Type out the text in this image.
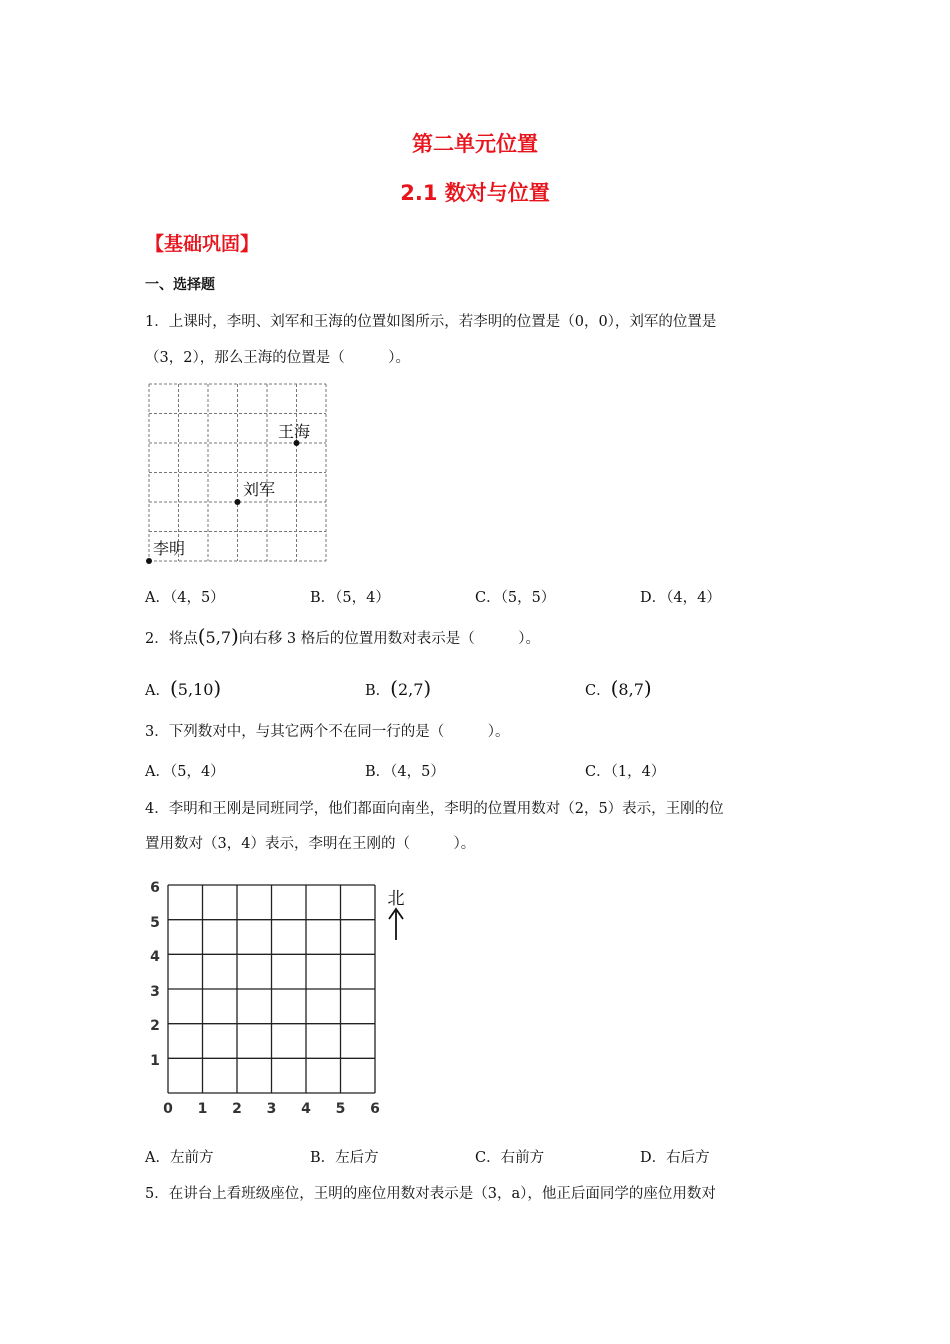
第二单元位置
2.1 数对与位置
【基础巩固】
一、选择题
1．上课时，李明、刘军和王海的位置如图所示，若李明的位置是（0，0），刘军的位置是
（3，2），那么王海的位置是（　　　）。
王海
刘军
李明
A．（4，5）	B．（5，4）	C．（5，5）	D．（4，4）
2．将点(5,7)向右移 3 格后的位置用数对表示是（　　　）。
A．(5,10)	B．(2,7)	C．(8,7)
3．下列数对中，与其它两个不在同一行的是（　　　）。
A．（5，4）	B．（4，5）	C．（1，4）
4．李明和王刚是同班同学，他们都面向南坐，李明的位置用数对（2，5）表示，王刚的位
置用数对（3，4）表示，李明在王刚的（　　　）。
0 1 2 3 4 5 6
1
2
3
4
5
6
北
A．左前方	B．左后方	C．右前方	D．右后方
5．在讲台上看班级座位，王明的座位用数对表示是（3，a），他正后面同学的座位用数对
